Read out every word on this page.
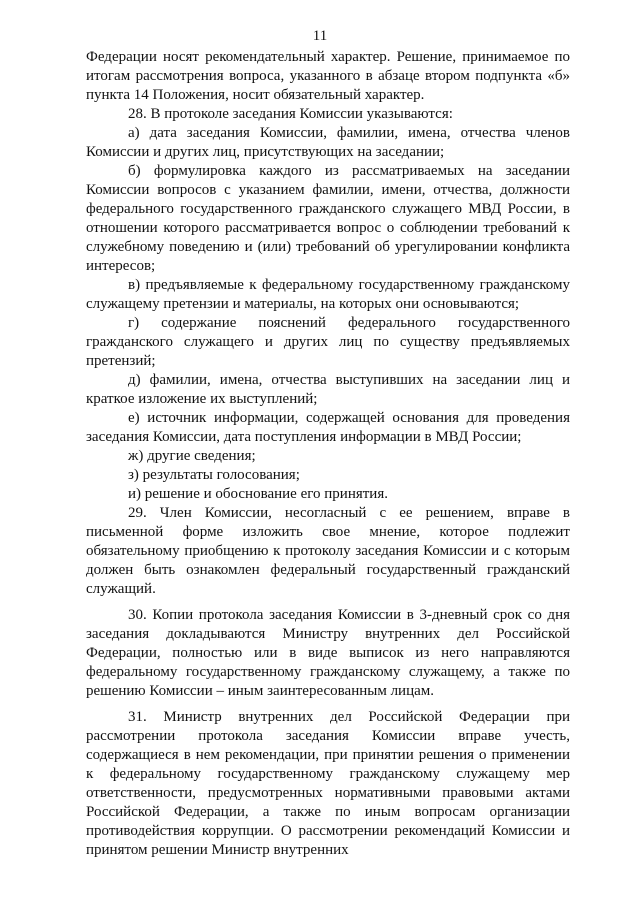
11

Федерации носят рекомендательный характер. Решение, принимаемое по итогам рассмотрения вопроса, указанного в абзаце втором подпункта «б» пункта 14 Положения, носит обязательный характер.

28. В протоколе заседания Комиссии указываются:

а) дата заседания Комиссии, фамилии, имена, отчества членов Комиссии и других лиц, присутствующих на заседании;

б) формулировка каждого из рассматриваемых на заседании Комиссии вопросов с указанием фамилии, имени, отчества, должности федерального государственного гражданского служащего МВД России, в отношении которого рассматривается вопрос о соблюдении требований к служебному поведению и (или) требований об урегулировании конфликта интересов;

в) предъявляемые к федеральному государственному гражданскому служащему претензии и материалы, на которых они основываются;

г) содержание пояснений федерального государственного гражданского служащего и других лиц по существу предъявляемых претензий;

д) фамилии, имена, отчества выступивших на заседании лиц и краткое изложение их выступлений;

е) источник информации, содержащей основания для проведения заседания Комиссии, дата поступления информации в МВД России;

ж) другие сведения;

з) результаты голосования;

и) решение и обоснование его принятия.

29. Член Комиссии, несогласный с ее решением, вправе в письменной форме изложить свое мнение, которое подлежит обязательному приобщению к протоколу заседания Комиссии и с которым должен быть ознакомлен федеральный государственный гражданский служащий.

30. Копии протокола заседания Комиссии в 3-дневный срок со дня заседания докладываются Министру внутренних дел Российской Федерации, полностью или в виде выписок из него направляются федеральному государственному гражданскому служащему, а также по решению Комиссии – иным заинтересованным лицам.

31. Министр внутренних дел Российской Федерации при рассмотрении протокола заседания Комиссии вправе учесть, содержащиеся в нем рекомендации, при принятии решения о применении к федеральному государственному гражданскому служащему мер ответственности, предусмотренных нормативными правовыми актами Российской Федерации, а также по иным вопросам организации противодействия коррупции. О рассмотрении рекомендаций Комиссии и принятом решении Министр внутренних
